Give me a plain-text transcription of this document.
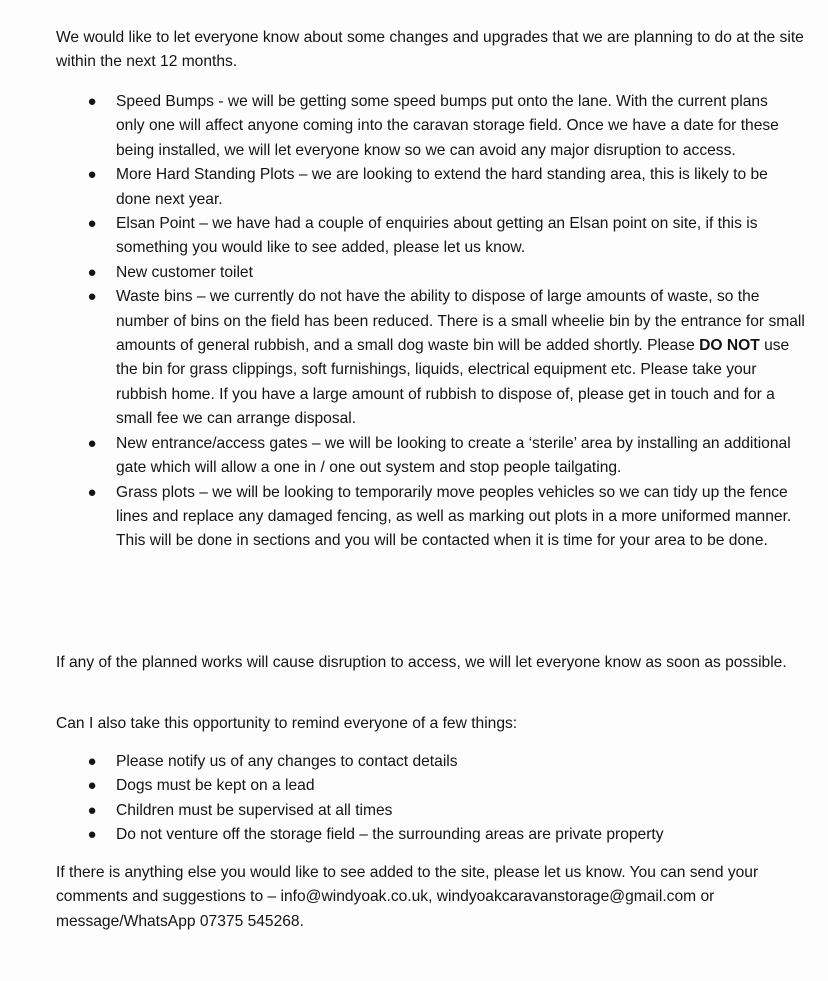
We would like to let everyone know about some changes and upgrades that we are planning to do at the site within the next 12 months.

● Speed Bumps - we will be getting some speed bumps put onto the lane. With the current plans only one will affect anyone coming into the caravan storage field. Once we have a date for these being installed, we will let everyone know so we can avoid any major disruption to access.
● More Hard Standing Plots – we are looking to extend the hard standing area, this is likely to be done next year.
● Elsan Point – we have had a couple of enquiries about getting an Elsan point on site, if this is something you would like to see added, please let us know.
● New customer toilet
● Waste bins – we currently do not have the ability to dispose of large amounts of waste, so the number of bins on the field has been reduced. There is a small wheelie bin by the entrance for small amounts of general rubbish, and a small dog waste bin will be added shortly. Please DO NOT use the bin for grass clippings, soft furnishings, liquids, electrical equipment etc. Please take your rubbish home. If you have a large amount of rubbish to dispose of, please get in touch and for a small fee we can arrange disposal.
● New entrance/access gates – we will be looking to create a ‘sterile’ area by installing an additional gate which will allow a one in / one out system and stop people tailgating.
● Grass plots – we will be looking to temporarily move peoples vehicles so we can tidy up the fence lines and replace any damaged fencing, as well as marking out plots in a more uniformed manner. This will be done in sections and you will be contacted when it is time for your area to be done.

If any of the planned works will cause disruption to access, we will let everyone know as soon as possible.

Can I also take this opportunity to remind everyone of a few things:

● Please notify us of any changes to contact details
● Dogs must be kept on a lead
● Children must be supervised at all times
● Do not venture off the storage field – the surrounding areas are private property

If there is anything else you would like to see added to the site, please let us know. You can send your comments and suggestions to – info@windyoak.co.uk, windyoakcaravanstorage@gmail.com or message/WhatsApp 07375 545268.
